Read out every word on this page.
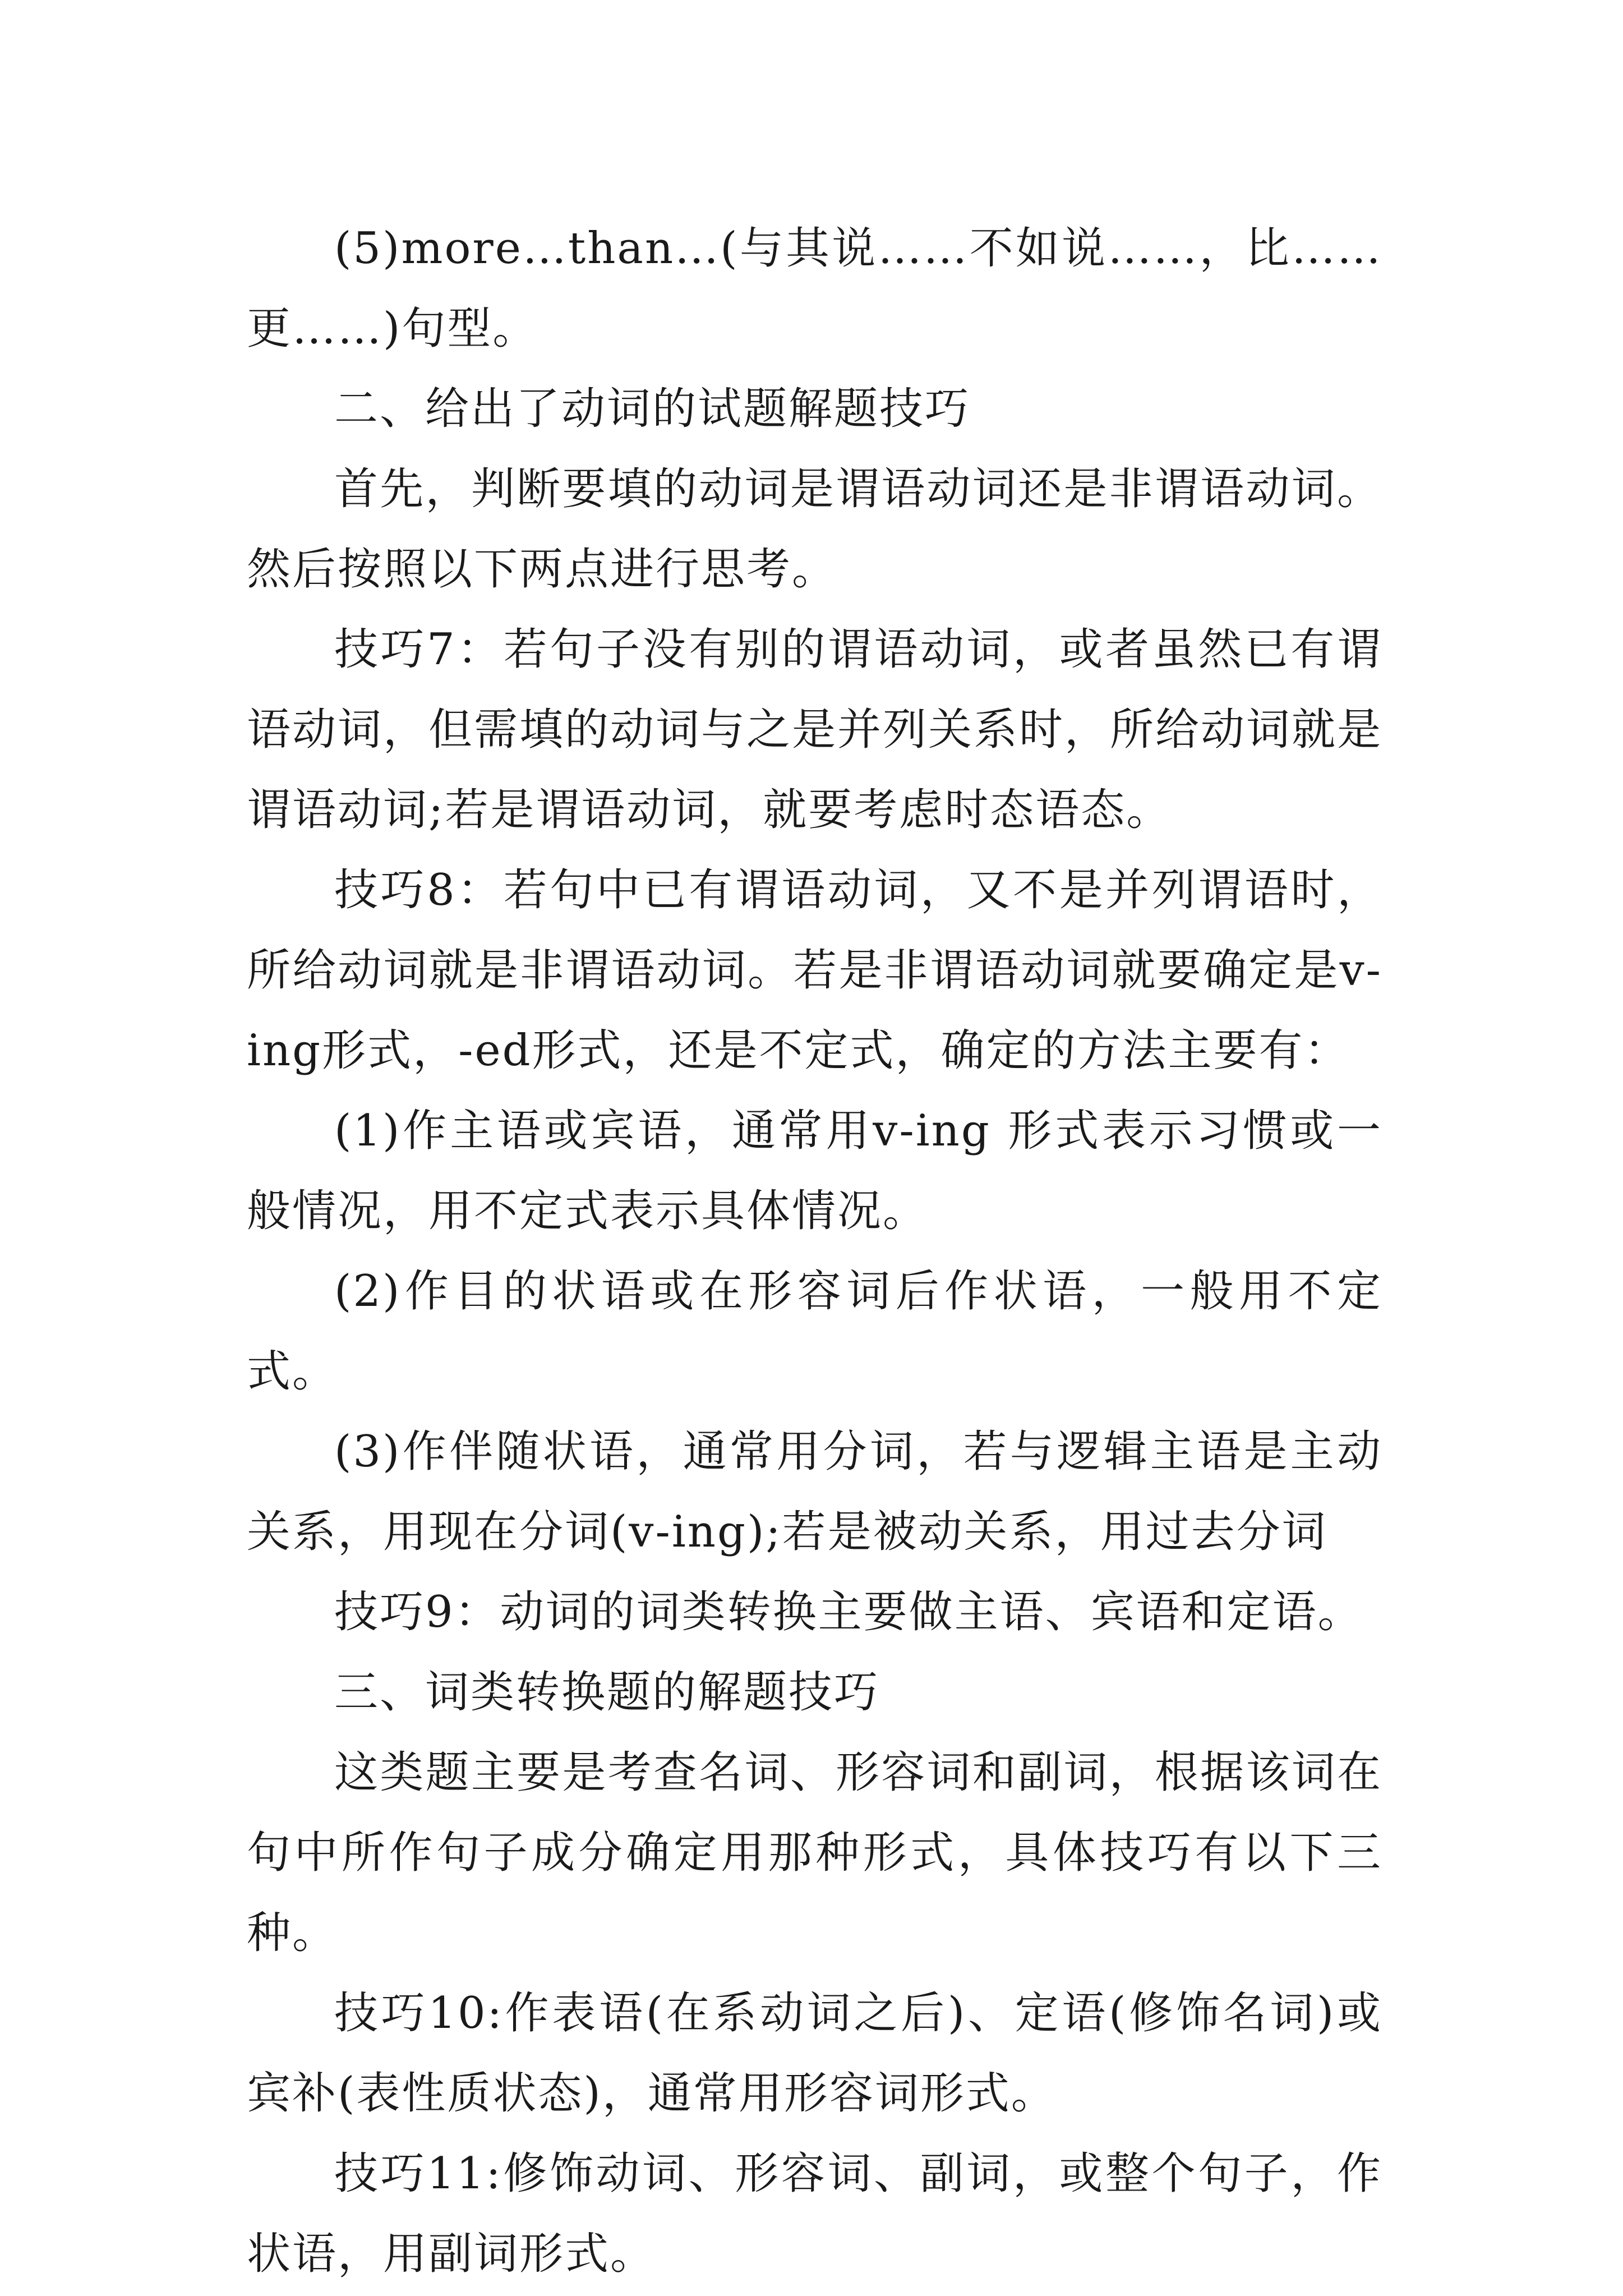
(5)more…than…(与其说……不如说……，比……更……)句型。

二、给出了动词的试题解题技巧

首先，判断要填的动词是谓语动词还是非谓语动词。然后按照以下两点进行思考。

技巧7：若句子没有别的谓语动词，或者虽然已有谓语动词，但需填的动词与之是并列关系时，所给动词就是谓语动词;若是谓语动词，就要考虑时态语态。

技巧8：若句中已有谓语动词，又不是并列谓语时，所给动词就是非谓语动词。若是非谓语动词就要确定是v-ing形式，-ed形式，还是不定式，确定的方法主要有：

(1)作主语或宾语，通常用v-ing 形式表示习惯或一般情况，用不定式表示具体情况。

(2)作目的状语或在形容词后作状语，一般用不定式。

(3)作伴随状语，通常用分词，若与逻辑主语是主动关系，用现在分词(v-ing);若是被动关系，用过去分词

技巧9：动词的词类转换主要做主语、宾语和定语。

三、词类转换题的解题技巧

这类题主要是考查名词、形容词和副词，根据该词在句中所作句子成分确定用那种形式，具体技巧有以下三种。

技巧10:作表语(在系动词之后)、定语(修饰名词)或宾补(表性质状态)，通常用形容词形式。

技巧11:修饰动词、形容词、副词，或整个句子，作状语，用副词形式。
